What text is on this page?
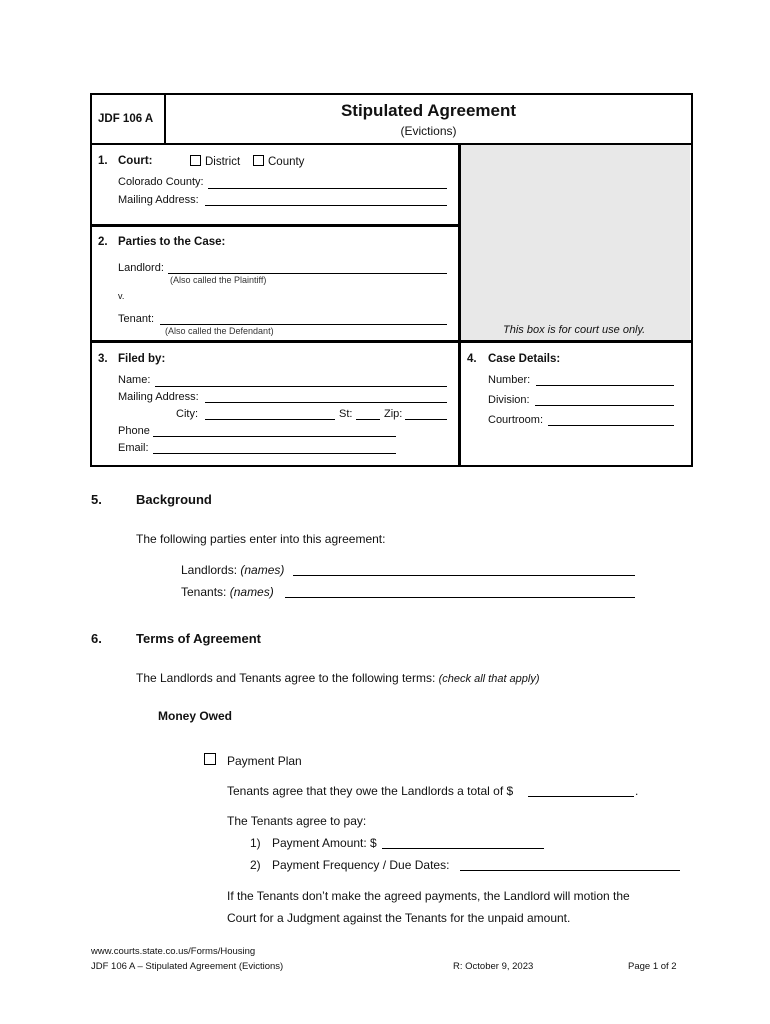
JDF 106 A	Stipulated Agreement
(Evictions)
This box is for court use only.
1. Court:	District County
Colorado County:
Mailing Address:
2. Parties to the Case:
Landlord:
(Also called the Plaintiff)
v.
Tenant:
(Also called the Defendant)
3. Filed by:
Name:
Mailing Address:
City:	St:	Zip:
Phone
Email:
4. Case Details:
Number:
Division:
Courtroom:
5.	Background
The following parties enter into this agreement:
Landlords: (names)
Tenants: (names)
6.	Terms of Agreement
The Landlords and Tenants agree to the following terms: (check all that apply)
Money Owed
Payment Plan
Tenants agree that they owe the Landlords a total of $	.
The Tenants agree to pay:
1) Payment Amount: $
2) Payment Frequency / Due Dates:
If the Tenants don’t make the agreed payments, the Landlord will motion the
Court for a Judgment against the Tenants for the unpaid amount.
www.courts.state.co.us/Forms/Housing
JDF 106 A – Stipulated Agreement (Evictions)	R: October 9, 2023	Page 1 of 2
